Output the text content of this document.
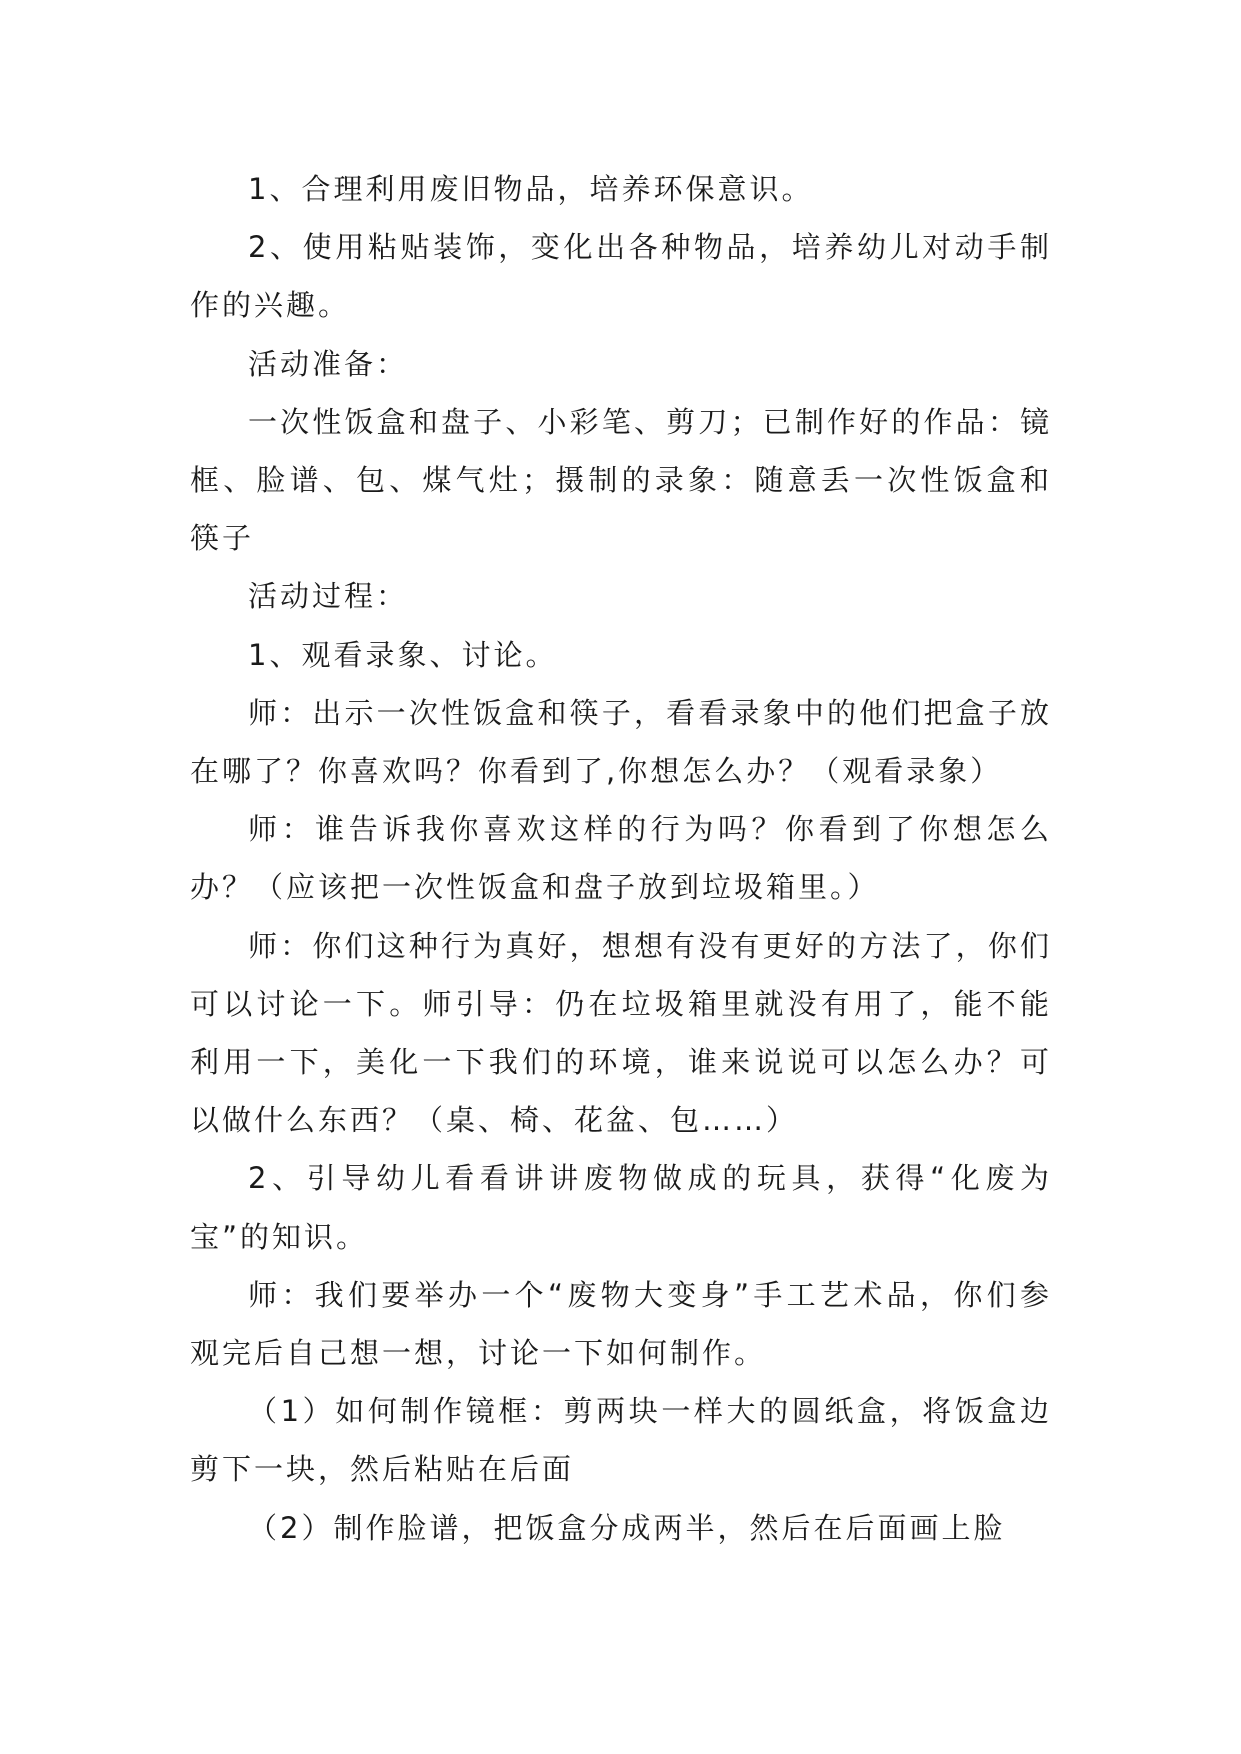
1、合理利用废旧物品，培养环保意识。

2、使用粘贴装饰，变化出各种物品，培养幼儿对动手制作的兴趣。

活动准备：

一次性饭盒和盘子、小彩笔、剪刀；已制作好的作品：镜框、脸谱、包、煤气灶；摄制的录象：随意丢一次性饭盒和筷子

活动过程：

1、观看录象、讨论。

师：出示一次性饭盒和筷子，看看录象中的他们把盒子放在哪了？你喜欢吗？你看到了,你想怎么办？（观看录象）

师：谁告诉我你喜欢这样的行为吗？你看到了你想怎么办？（应该把一次性饭盒和盘子放到垃圾箱里。）

师：你们这种行为真好，想想有没有更好的方法了，你们可以讨论一下。师引导：仍在垃圾箱里就没有用了，能不能利用一下，美化一下我们的环境，谁来说说可以怎么办？可以做什么东西？（桌、椅、花盆、包……）

2、引导幼儿看看讲讲废物做成的玩具，获得“化废为宝”的知识。

师：我们要举办一个“废物大变身”手工艺术品，你们参观完后自己想一想，讨论一下如何制作。

（1）如何制作镜框：剪两块一样大的圆纸盒，将饭盒边剪下一块，然后粘贴在后面

（2）制作脸谱，把饭盒分成两半，然后在后面画上脸
